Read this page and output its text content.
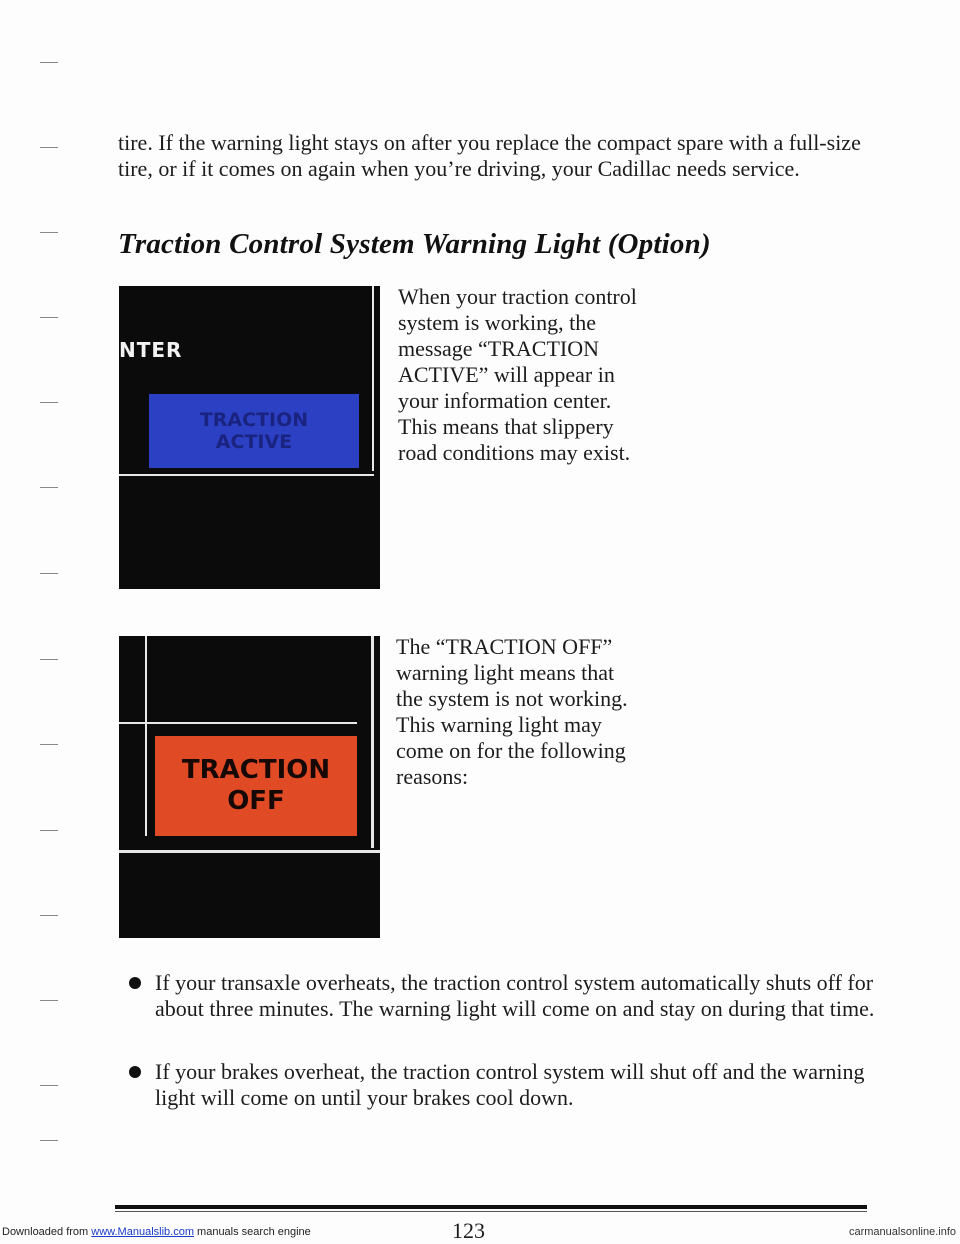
tire. If the warning light stays on after you replace the compact spare with a full-size tire, or if it comes on again when you’re driving, your Cadillac needs service.

Traction Control System Warning Light (Option)
NTER
TRACTION
ACTIVE

When your traction control system is working, the message “TRACTION ACTIVE” will appear in your information center. This means that slippery road conditions may exist.

TRACTION
OFF

The “TRACTION OFF” warning light means that the system is not working. This warning light may come on for the following reasons:

If your transaxle overheats, the traction control system automatically shuts off for about three minutes. The warning light will come on and stay on during that time.
If your brakes overheat, the traction control system will shut off and the warning light will come on until your brakes cool down.
123
Downloaded from www.Manualslib.com manuals search engine	carmanualsonline.info
